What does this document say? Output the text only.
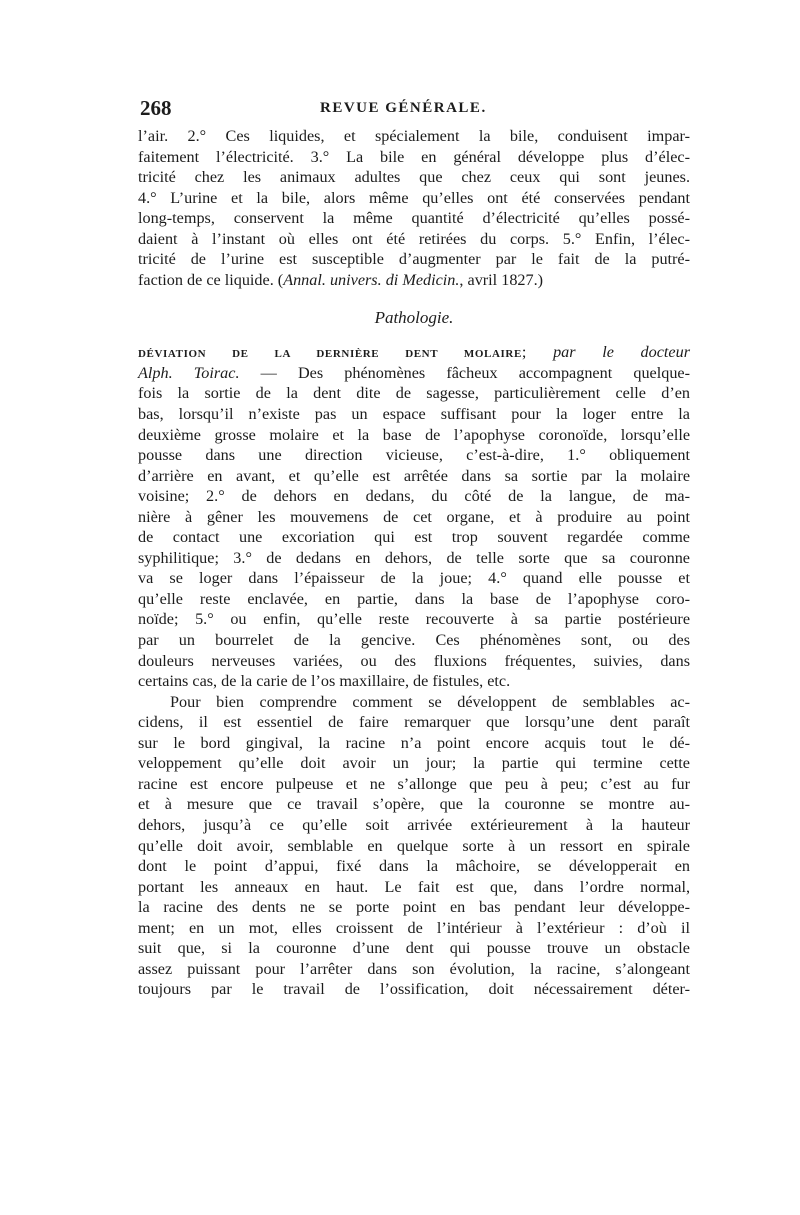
268	REVUE GÉNÉRALE.
l’air. 2.° Ces liquides, et spécialement la bile, conduisent impar-
faitement l’électricité. 3.° La bile en général développe plus d’élec-
tricité chez les animaux adultes que chez ceux qui sont jeunes.
4.° L’urine et la bile, alors même qu’elles ont été conservées pendant
long-temps, conservent la même quantité d’électricité qu’elles possé-
daient à l’instant où elles ont été retirées du corps. 5.° Enfin, l’élec-
tricité de l’urine est susceptible d’augmenter par le fait de la putré-
faction de ce liquide. (Annal. univers. di Medicin., avril 1827.)
Pathologie.
DÉVIATION DE LA DERNIÈRE DENT MOLAIRE; par le docteur
Alph. Toirac. — Des phénomènes fâcheux accompagnent quelque-
fois la sortie de la dent dite de sagesse, particulièrement celle d’en
bas, lorsqu’il n’existe pas un espace suffisant pour la loger entre la
deuxième grosse molaire et la base de l’apophyse coronoïde, lorsqu’elle
pousse dans une direction vicieuse, c’est-à-dire, 1.° obliquement
d’arrière en avant, et qu’elle est arrêtée dans sa sortie par la molaire
voisine; 2.° de dehors en dedans, du côté de la langue, de ma-
nière à gêner les mouvemens de cet organe, et à produire au point
de contact une excoriation qui est trop souvent regardée comme
syphilitique; 3.° de dedans en dehors, de telle sorte que sa couronne
va se loger dans l’épaisseur de la joue; 4.° quand elle pousse et
qu’elle reste enclavée, en partie, dans la base de l’apophyse coro-
noïde; 5.° ou enfin, qu’elle reste recouverte à sa partie postérieure
par un bourrelet de la gencive. Ces phénomènes sont, ou des
douleurs nerveuses variées, ou des fluxions fréquentes, suivies, dans
certains cas, de la carie de l’os maxillaire, de fistules, etc.
Pour bien comprendre comment se développent de semblables ac-
cidens, il est essentiel de faire remarquer que lorsqu’une dent paraît
sur le bord gingival, la racine n’a point encore acquis tout le dé-
veloppement qu’elle doit avoir un jour; la partie qui termine cette
racine est encore pulpeuse et ne s’allonge que peu à peu; c’est au fur
et à mesure que ce travail s’opère, que la couronne se montre au-
dehors, jusqu’à ce qu’elle soit arrivée extérieurement à la hauteur
qu’elle doit avoir, semblable en quelque sorte à un ressort en spirale
dont le point d’appui, fixé dans la mâchoire, se développerait en
portant les anneaux en haut. Le fait est que, dans l’ordre normal,
la racine des dents ne se porte point en bas pendant leur développe-
ment; en un mot, elles croissent de l’intérieur à l’extérieur : d’où il
suit que, si la couronne d’une dent qui pousse trouve un obstacle
assez puissant pour l’arrêter dans son évolution, la racine, s’alongeant
toujours par le travail de l’ossification, doit nécessairement déter-
